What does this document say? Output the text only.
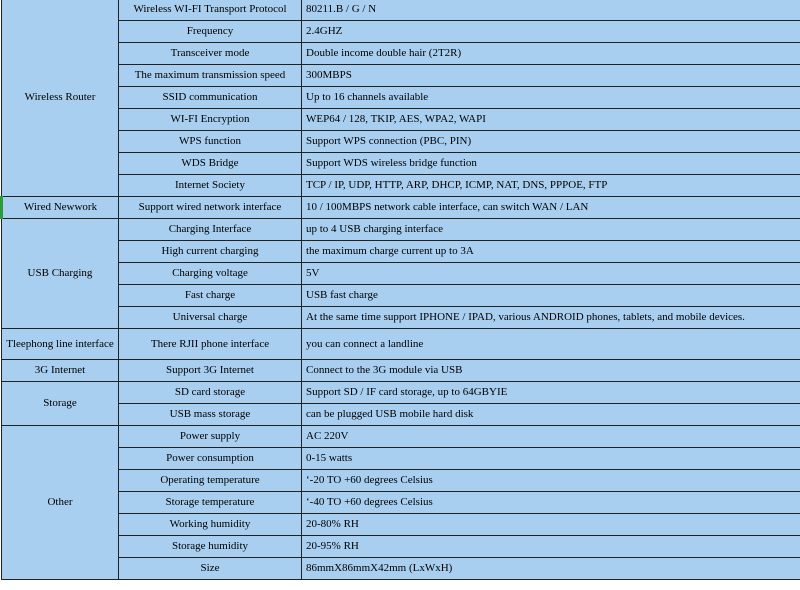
Wireless Router	Wireless WI-FI Transport Protocol	80211.B / G / N
	Frequency	2.4GHZ
	Transceiver mode	Double income double hair (2T2R)
	The maximum transmission speed	300MBPS
	SSID communication	Up to 16 channels available
	WI-FI Encryption	WEP64 / 128, TKIP, AES, WPA2, WAPI
	WPS function	Support WPS connection (PBC, PIN)
	WDS Bridge	Support WDS wireless bridge function
	Internet Society	TCP / IP, UDP, HTTP, ARP, DHCP, ICMP, NAT, DNS, PPPOE, FTP
Wired Newwork	Support wired network interface	10 / 100MBPS network cable interface, can switch WAN / LAN
USB Charging	Charging Interface	up to 4 USB charging interface
	High current charging	the maximum charge current up to 3A
	Charging voltage	5V
	Fast charge	USB fast charge
	Universal charge	At the same time support IPHONE / IPAD, various ANDROID phones, tablets, and mobile devices.
Tleephong line interface	There RJII phone interface	you can connect a landline
3G Internet	Support 3G Internet	Connect to the 3G module via USB
Storage	SD card storage	Support SD / IF card storage, up to 64GBYIE
	USB mass storage	can be plugged USB mobile hard disk
Other	Power supply	AC 220V
	Power consumption	0-15 watts
	Operating temperature	‘-20 TO +60 degrees Celsius
	Storage temperature	‘-40 TO +60 degrees Celsius
	Working humidity	20-80% RH
	Storage humidity	20-95% RH
	Size	86mmX86mmX42mm (LxWxH)
